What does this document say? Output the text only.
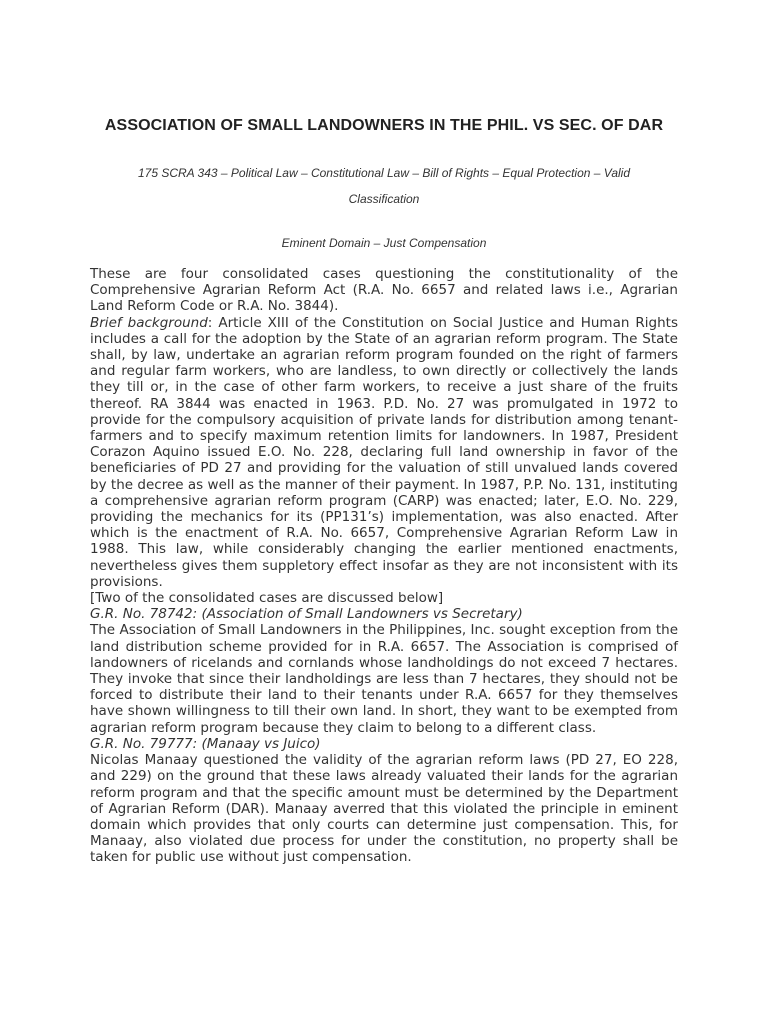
ASSOCIATION OF SMALL LANDOWNERS IN THE PHIL. VS SEC. OF DAR

175 SCRA 343 – Political Law – Constitutional Law – Bill of Rights – Equal Protection – Valid Classification

Eminent Domain – Just Compensation

These are four consolidated cases questioning the constitutionality of the Comprehensive Agrarian Reform Act (R.A. No. 6657 and related laws i.e., Agrarian Land Reform Code or R.A. No. 3844).

Brief background: Article XIII of the Constitution on Social Justice and Human Rights includes a call for the adoption by the State of an agrarian reform program. The State shall, by law, undertake an agrarian reform program founded on the right of farmers and regular farm workers, who are landless, to own directly or collectively the lands they till or, in the case of other farm workers, to receive a just share of the fruits thereof. RA 3844 was enacted in 1963. P.D. No. 27 was promulgated in 1972 to provide for the compulsory acquisition of private lands for distribution among tenant-farmers and to specify maximum retention limits for landowners. In 1987, President Corazon Aquino issued E.O. No. 228, declaring full land ownership in favor of the beneficiaries of PD 27 and providing for the valuation of still unvalued lands covered by the decree as well as the manner of their payment. In 1987, P.P. No. 131, instituting a comprehensive agrarian reform program (CARP) was enacted; later, E.O. No. 229, providing the mechanics for its (PP131’s) implementation, was also enacted. After which is the enactment of R.A. No. 6657, Comprehensive Agrarian Reform Law in 1988. This law, while considerably changing the earlier mentioned enactments, nevertheless gives them suppletory effect insofar as they are not inconsistent with its provisions.

[Two of the consolidated cases are discussed below]

G.R. No. 78742: (Association of Small Landowners vs Secretary)

The Association of Small Landowners in the Philippines, Inc. sought exception from the land distribution scheme provided for in R.A. 6657. The Association is comprised of landowners of ricelands and cornlands whose landholdings do not exceed 7 hectares. They invoke that since their landholdings are less than 7 hectares, they should not be forced to distribute their land to their tenants under R.A. 6657 for they themselves have shown willingness to till their own land. In short, they want to be exempted from agrarian reform program because they claim to belong to a different class.

G.R. No. 79777: (Manaay vs Juico)

Nicolas Manaay questioned the validity of the agrarian reform laws (PD 27, EO 228, and 229) on the ground that these laws already valuated their lands for the agrarian reform program and that the specific amount must be determined by the Department of Agrarian Reform (DAR). Manaay averred that this violated the principle in eminent domain which provides that only courts can determine just compensation. This, for Manaay, also violated due process for under the constitution, no property shall be taken for public use without just compensation.
